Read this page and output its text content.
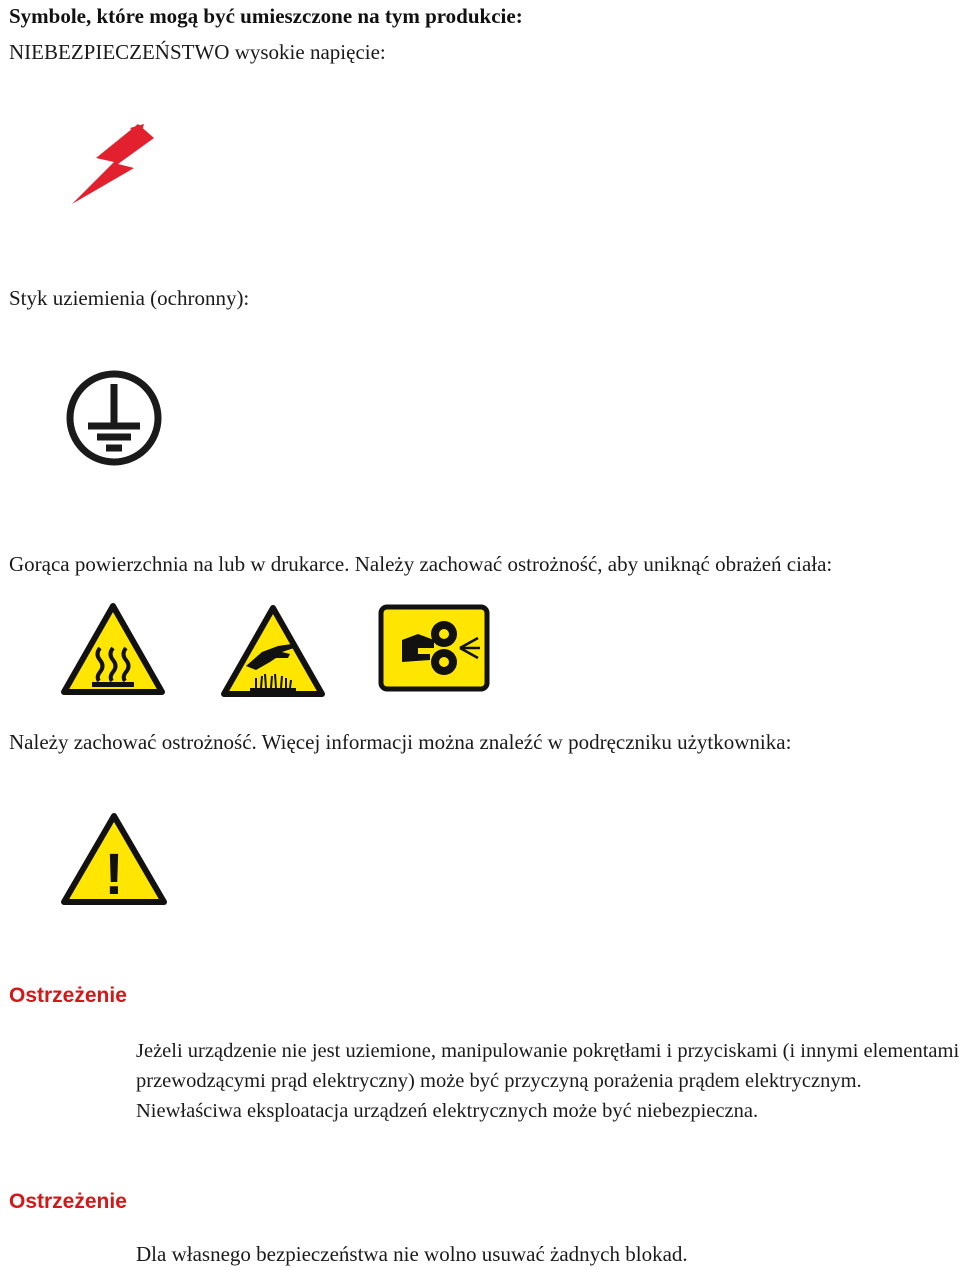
Symbole, które mogą być umieszczone na tym produkcie:
NIEBEZPIECZEŃSTWO wysokie napięcie:
Styk uziemienia (ochronny):
Gorąca powierzchnia na lub w drukarce. Należy zachować ostrożność, aby uniknąć obrażeń ciała:
Należy zachować ostrożność. Więcej informacji można znaleźć w podręczniku użytkownika:
!
Ostrzeżenie
Jeżeli urządzenie nie jest uziemione, manipulowanie pokrętłami i przyciskami (i innymi elementami przewodzącymi prąd elektryczny) może być przyczyną porażenia prądem elektrycznym. Niewłaściwa eksploatacja urządzeń elektrycznych może być niebezpieczna.
Ostrzeżenie
Dla własnego bezpieczeństwa nie wolno usuwać żadnych blokad.
